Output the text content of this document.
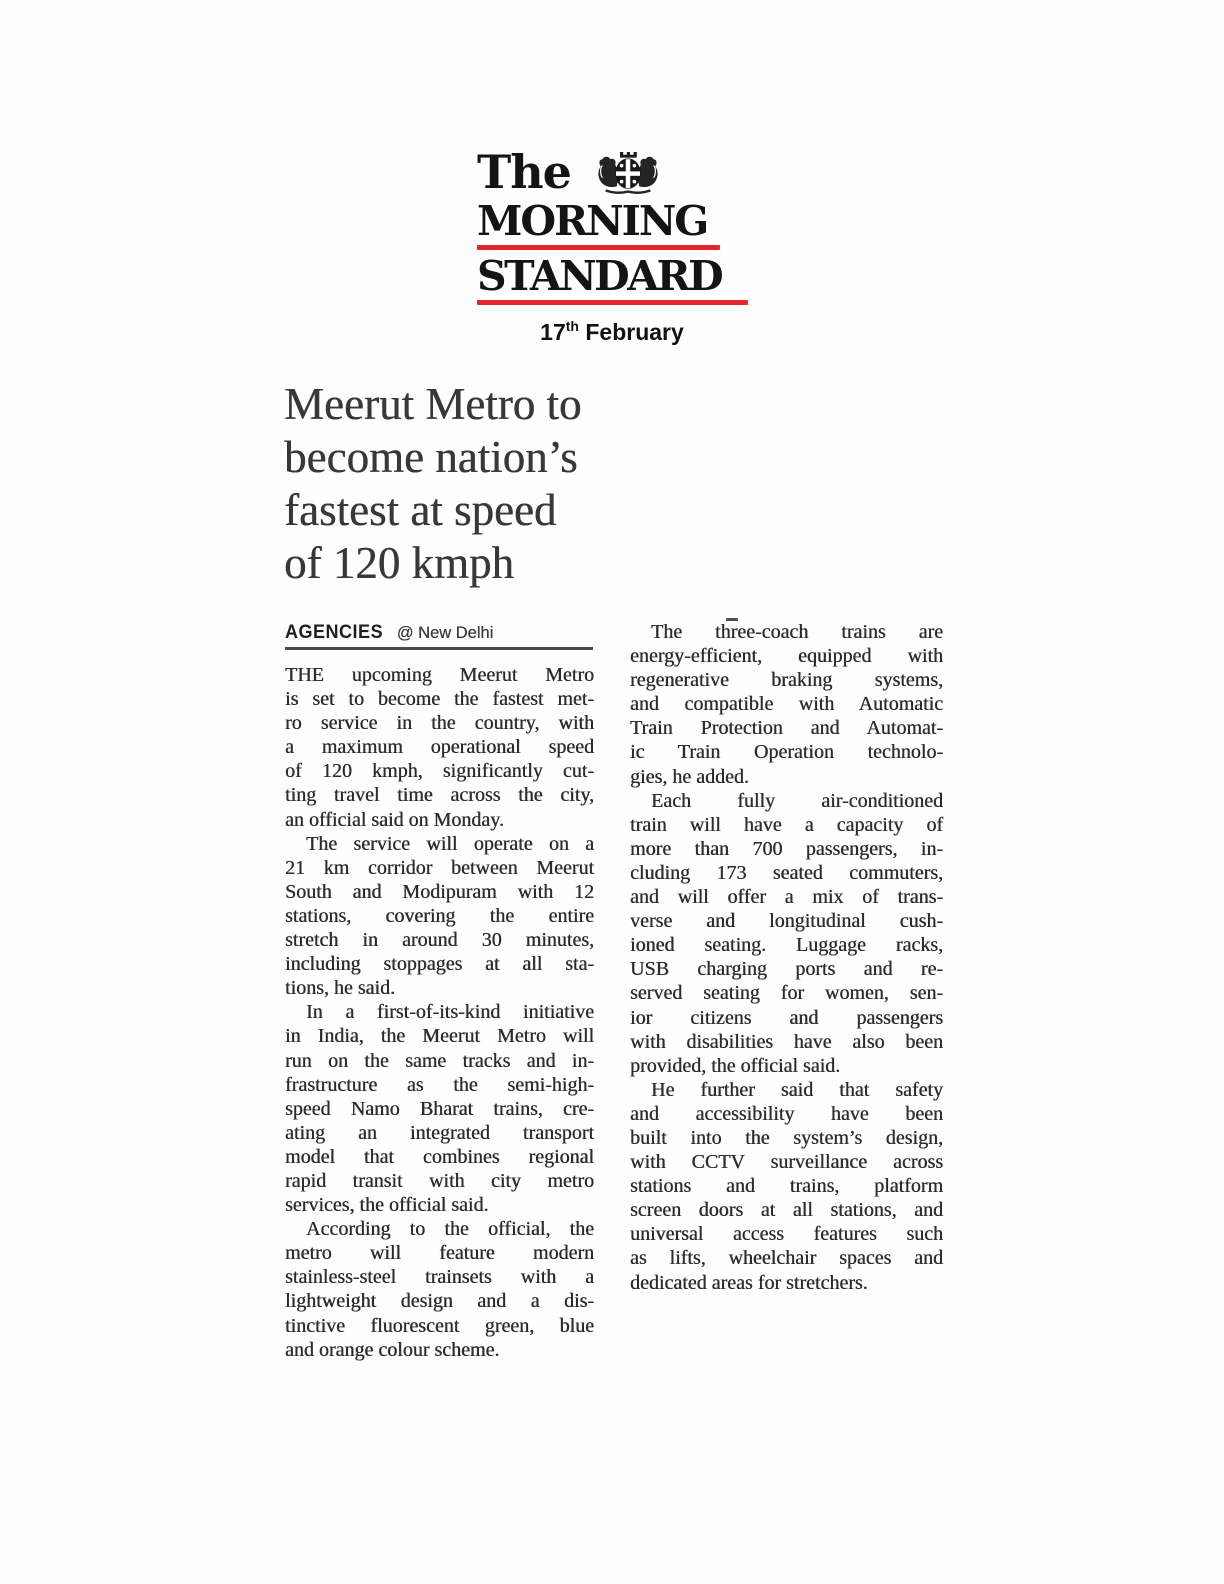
The
MORNING
STANDARD
17th February
Meerut Metro to
become nation’s
fastest at speed
of 120 kmph
AGENCIES @ New Delhi
THE upcoming Meerut Metro
is set to become the fastest met-
ro service in the country, with
a maximum operational speed
of 120 kmph, significantly cut-
ting travel time across the city,
an official said on Monday.
The service will operate on a
21 km corridor between Meerut
South and Modipuram with 12
stations, covering the entire
stretch in around 30 minutes,
including stoppages at all sta-
tions, he said.
In a first-of-its-kind initiative
in India, the Meerut Metro will
run on the same tracks and in-
frastructure as the semi-high-
speed Namo Bharat trains, cre-
ating an integrated transport
model that combines regional
rapid transit with city metro
services, the official said.
According to the official, the
metro will feature modern
stainless-steel trainsets with a
lightweight design and a dis-
tinctive fluorescent green, blue
and orange colour scheme.
The three-coach trains are
energy-efficient, equipped with
regenerative braking systems,
and compatible with Automatic
Train Protection and Automat-
ic Train Operation technolo-
gies, he added.
Each fully air-conditioned
train will have a capacity of
more than 700 passengers, in-
cluding 173 seated commuters,
and will offer a mix of trans-
verse and longitudinal cush-
ioned seating. Luggage racks,
USB charging ports and re-
served seating for women, sen-
ior citizens and passengers
with disabilities have also been
provided, the official said.
He further said that safety
and accessibility have been
built into the system’s design,
with CCTV surveillance across
stations and trains, platform
screen doors at all stations, and
universal access features such
as lifts, wheelchair spaces and
dedicated areas for stretchers.
